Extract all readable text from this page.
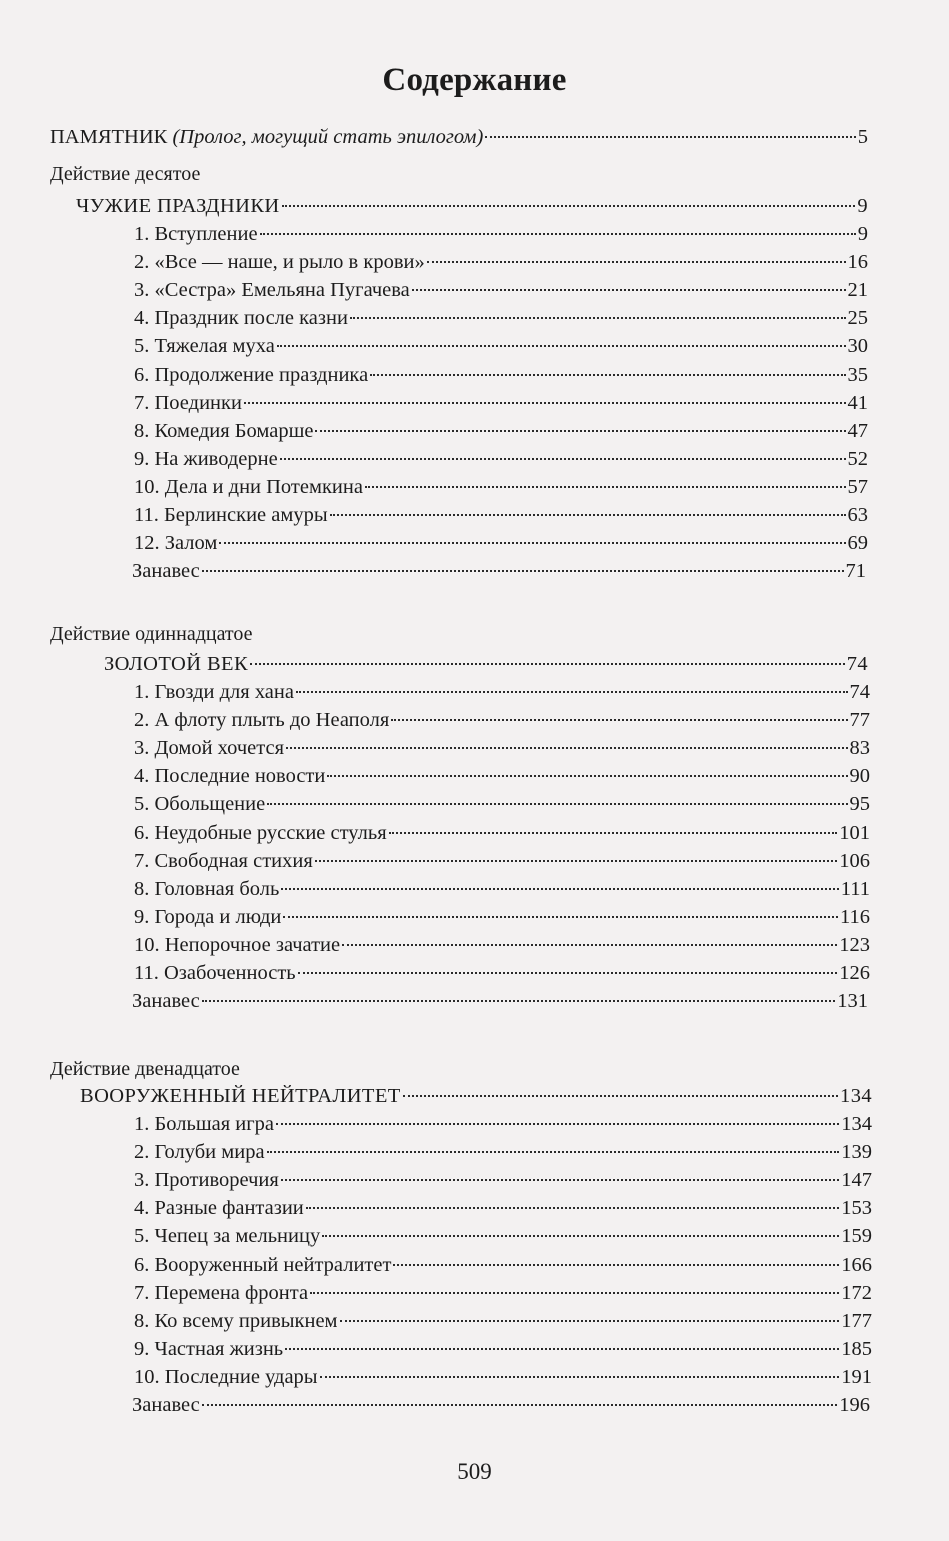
Содержание
ПАМЯТНИК (Пролог, могущий стать эпилогом)	5
Действие десятое
ЧУЖИЕ ПРАЗДНИКИ	9
1. Вступление	9
2. «Все — наше, и рыло в крови»	16
3. «Сестра» Емельяна Пугачева	21
4. Праздник после казни	25
5. Тяжелая муха	30
6. Продолжение праздника	35
7. Поединки	41
8. Комедия Бомарше	47
9. На живодерне	52
10. Дела и дни Потемкина	57
11. Берлинские амуры	63
12. Залом	69
Занавес	71
Действие одиннадцатое
ЗОЛОТОЙ ВЕК	74
1. Гвозди для хана	74
2. А флоту плыть до Неаполя	77
3. Домой хочется	83
4. Последние новости	90
5. Обольщение	95
6. Неудобные русские стулья	101
7. Свободная стихия	106
8. Головная боль	111
9. Города и люди	116
10. Непорочное зачатие	123
11. Озабоченность	126
Занавес	131
Действие двенадцатое
ВООРУЖЕННЫЙ НЕЙТРАЛИТЕТ	134
1. Большая игра	134
2. Голуби мира	139
3. Противоречия	147
4. Разные фантазии	153
5. Чепец за мельницу	159
6. Вооруженный нейтралитет	166
7. Перемена фронта	172
8. Ко всему привыкнем	177
9. Частная жизнь	185
10. Последние удары	191
Занавес	196
509
